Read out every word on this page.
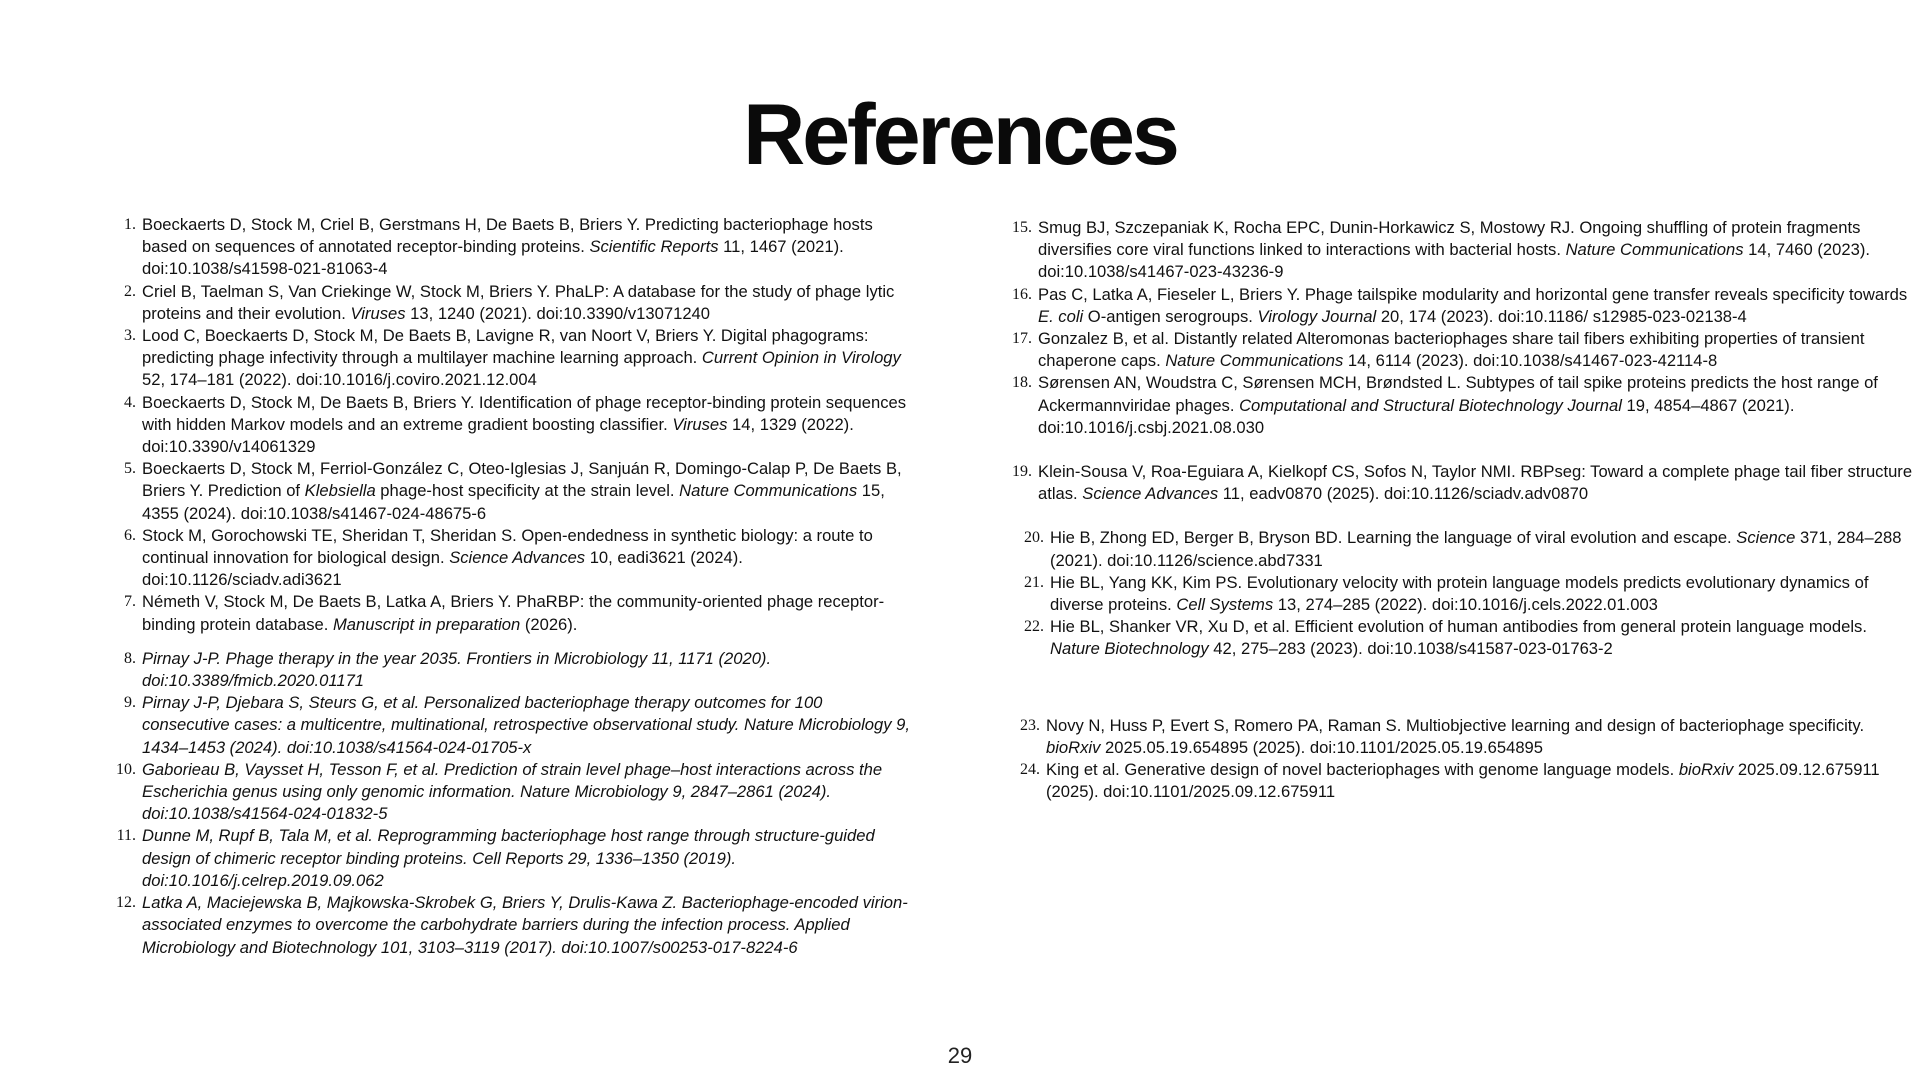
References
1. Boeckaerts D, Stock M, Criel B, Gerstmans H, De Baets B, Briers Y. Predicting bacteriophage hosts based on sequences of annotated receptor-binding proteins. Scientific Reports 11, 1467 (2021). doi:10.1038/s41598-021-81063-4
2. Criel B, Taelman S, Van Criekinge W, Stock M, Briers Y. PhaLP: A database for the study of phage lytic proteins and their evolution. Viruses 13, 1240 (2021). doi:10.3390/v13071240
3. Lood C, Boeckaerts D, Stock M, De Baets B, Lavigne R, van Noort V, Briers Y. Digital phagograms: predicting phage infectivity through a multilayer machine learning approach. Current Opinion in Virology 52, 174–181 (2022). doi:10.1016/j.coviro.2021.12.004
4. Boeckaerts D, Stock M, De Baets B, Briers Y. Identification of phage receptor-binding protein sequences with hidden Markov models and an extreme gradient boosting classifier. Viruses 14, 1329 (2022). doi:10.3390/v14061329
5. Boeckaerts D, Stock M, Ferriol-González C, Oteo-Iglesias J, Sanjuán R, Domingo-Calap P, De Baets B, Briers Y. Prediction of Klebsiella phage-host specificity at the strain level. Nature Communications 15, 4355 (2024). doi:10.1038/s41467-024-48675-6
6. Stock M, Gorochowski TE, Sheridan T, Sheridan S. Open-endedness in synthetic biology: a route to continual innovation for biological design. Science Advances 10, eadi3621 (2024). doi:10.1126/sciadv.adi3621
7. Németh V, Stock M, De Baets B, Latka A, Briers Y. PhaRBP: the community-oriented phage receptor-binding protein database. Manuscript in preparation (2026).
8. Pirnay J-P. Phage therapy in the year 2035. Frontiers in Microbiology 11, 1171 (2020). doi:10.3389/fmicb.2020.01171
9. Pirnay J-P, Djebara S, Steurs G, et al. Personalized bacteriophage therapy outcomes for 100 consecutive cases: a multicentre, multinational, retrospective observational study. Nature Microbiology 9, 1434–1453 (2024). doi:10.1038/s41564-024-01705-x
10. Gaborieau B, Vaysset H, Tesson F, et al. Prediction of strain level phage–host interactions across the Escherichia genus using only genomic information. Nature Microbiology 9, 2847–2861 (2024). doi:10.1038/s41564-024-01832-5
11. Dunne M, Rupf B, Tala M, et al. Reprogramming bacteriophage host range through structure-guided design of chimeric receptor binding proteins. Cell Reports 29, 1336–1350 (2019). doi:10.1016/j.celrep.2019.09.062
12. Latka A, Maciejewska B, Majkowska-Skrobek G, Briers Y, Drulis-Kawa Z. Bacteriophage-encoded virion-associated enzymes to overcome the carbohydrate barriers during the infection process. Applied Microbiology and Biotechnology 101, 3103–3119 (2017). doi:10.1007/s00253-017-8224-6
15. Smug BJ, Szczepaniak K, Rocha EPC, Dunin-Horkawicz S, Mostowy RJ. Ongoing shuffling of protein fragments diversifies core viral functions linked to interactions with bacterial hosts. Nature Communications 14, 7460 (2023). doi:10.1038/s41467-023-43236-9
16. Pas C, Latka A, Fieseler L, Briers Y. Phage tailspike modularity and horizontal gene transfer reveals specificity towards E. coli O-antigen serogroups. Virology Journal 20, 174 (2023). doi:10.1186/ s12985-023-02138-4
17. Gonzalez B, et al. Distantly related Alteromonas bacteriophages share tail fibers exhibiting properties of transient chaperone caps. Nature Communications 14, 6114 (2023). doi:10.1038/s41467-023-42114-8
18. Sørensen AN, Woudstra C, Sørensen MCH, Brøndsted L. Subtypes of tail spike proteins predicts the host range of Ackermannviridae phages. Computational and Structural Biotechnology Journal 19, 4854–4867 (2021). doi:10.1016/j.csbj.2021.08.030
19. Klein-Sousa V, Roa-Eguiara A, Kielkopf CS, Sofos N, Taylor NMI. RBPseg: Toward a complete phage tail fiber structure atlas. Science Advances 11, eadv0870 (2025). doi:10.1126/sciadv.adv0870
20. Hie B, Zhong ED, Berger B, Bryson BD. Learning the language of viral evolution and escape. Science 371, 284–288 (2021). doi:10.1126/science.abd7331
21. Hie BL, Yang KK, Kim PS. Evolutionary velocity with protein language models predicts evolutionary dynamics of diverse proteins. Cell Systems 13, 274–285 (2022). doi:10.1016/j.cels.2022.01.003
22. Hie BL, Shanker VR, Xu D, et al. Efficient evolution of human antibodies from general protein language models. Nature Biotechnology 42, 275–283 (2023). doi:10.1038/s41587-023-01763-2
23. Novy N, Huss P, Evert S, Romero PA, Raman S. Multiobjective learning and design of bacteriophage specificity. bioRxiv 2025.05.19.654895 (2025). doi:10.1101/2025.05.19.654895
24. King et al. Generative design of novel bacteriophages with genome language models. bioRxiv 2025.09.12.675911 (2025). doi:10.1101/2025.09.12.675911
29
